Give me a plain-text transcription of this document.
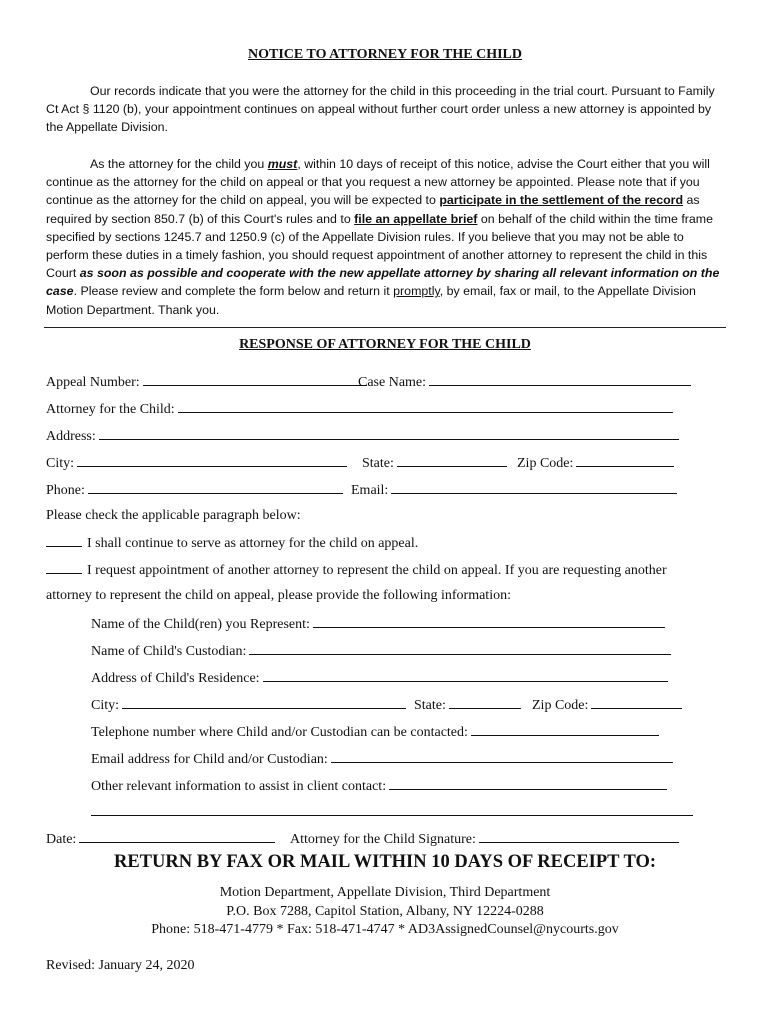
NOTICE TO ATTORNEY FOR THE CHILD

Our records indicate that you were the attorney for the child in this proceeding in the trial court. Pursuant to Family Ct Act § 1120 (b), your appointment continues on appeal without further court order unless a new attorney is appointed by the Appellate Division.

As the attorney for the child you must, within 10 days of receipt of this notice, advise the Court either that you will continue as the attorney for the child on appeal or that you request a new attorney be appointed. Please note that if you continue as the attorney for the child on appeal, you will be expected to participate in the settlement of the record as required by section 850.7 (b) of this Court's rules and to file an appellate brief on behalf of the child within the time frame specified by sections 1245.7 and 1250.9 (c) of the Appellate Division rules. If you believe that you may not be able to perform these duties in a timely fashion, you should request appointment of another attorney to represent the child in this Court as soon as possible and cooperate with the new appellate attorney by sharing all relevant information on the case. Please review and complete the form below and return it promptly, by email, fax or mail, to the Appellate Division Motion Department. Thank you.

RESPONSE OF ATTORNEY FOR THE CHILD
Appeal Number:	Case Name:
Attorney for the Child:
Address:
City:	State:	Zip Code:
Phone:	Email:
Please check the applicable paragraph below:
I shall continue to serve as attorney for the child on appeal.
I request appointment of another attorney to represent the child on appeal. If you are requesting another
attorney to represent the child on appeal, please provide the following information:
Name of the Child(ren) you Represent:
Name of Child's Custodian:
Address of Child's Residence:
City:	State:	Zip Code:
Telephone number where Child and/or Custodian can be contacted:
Email address for Child and/or Custodian:
Other relevant information to assist in client contact:
Date:	Attorney for the Child Signature:
RETURN BY FAX OR MAIL WITHIN 10 DAYS OF RECEIPT TO:
Motion Department, Appellate Division, Third Department
P.O. Box 7288, Capitol Station, Albany, NY 12224-0288
Phone: 518-471-4779 * Fax: 518-471-4747 * AD3AssignedCounsel@nycourts.gov
Revised: January 24, 2020
